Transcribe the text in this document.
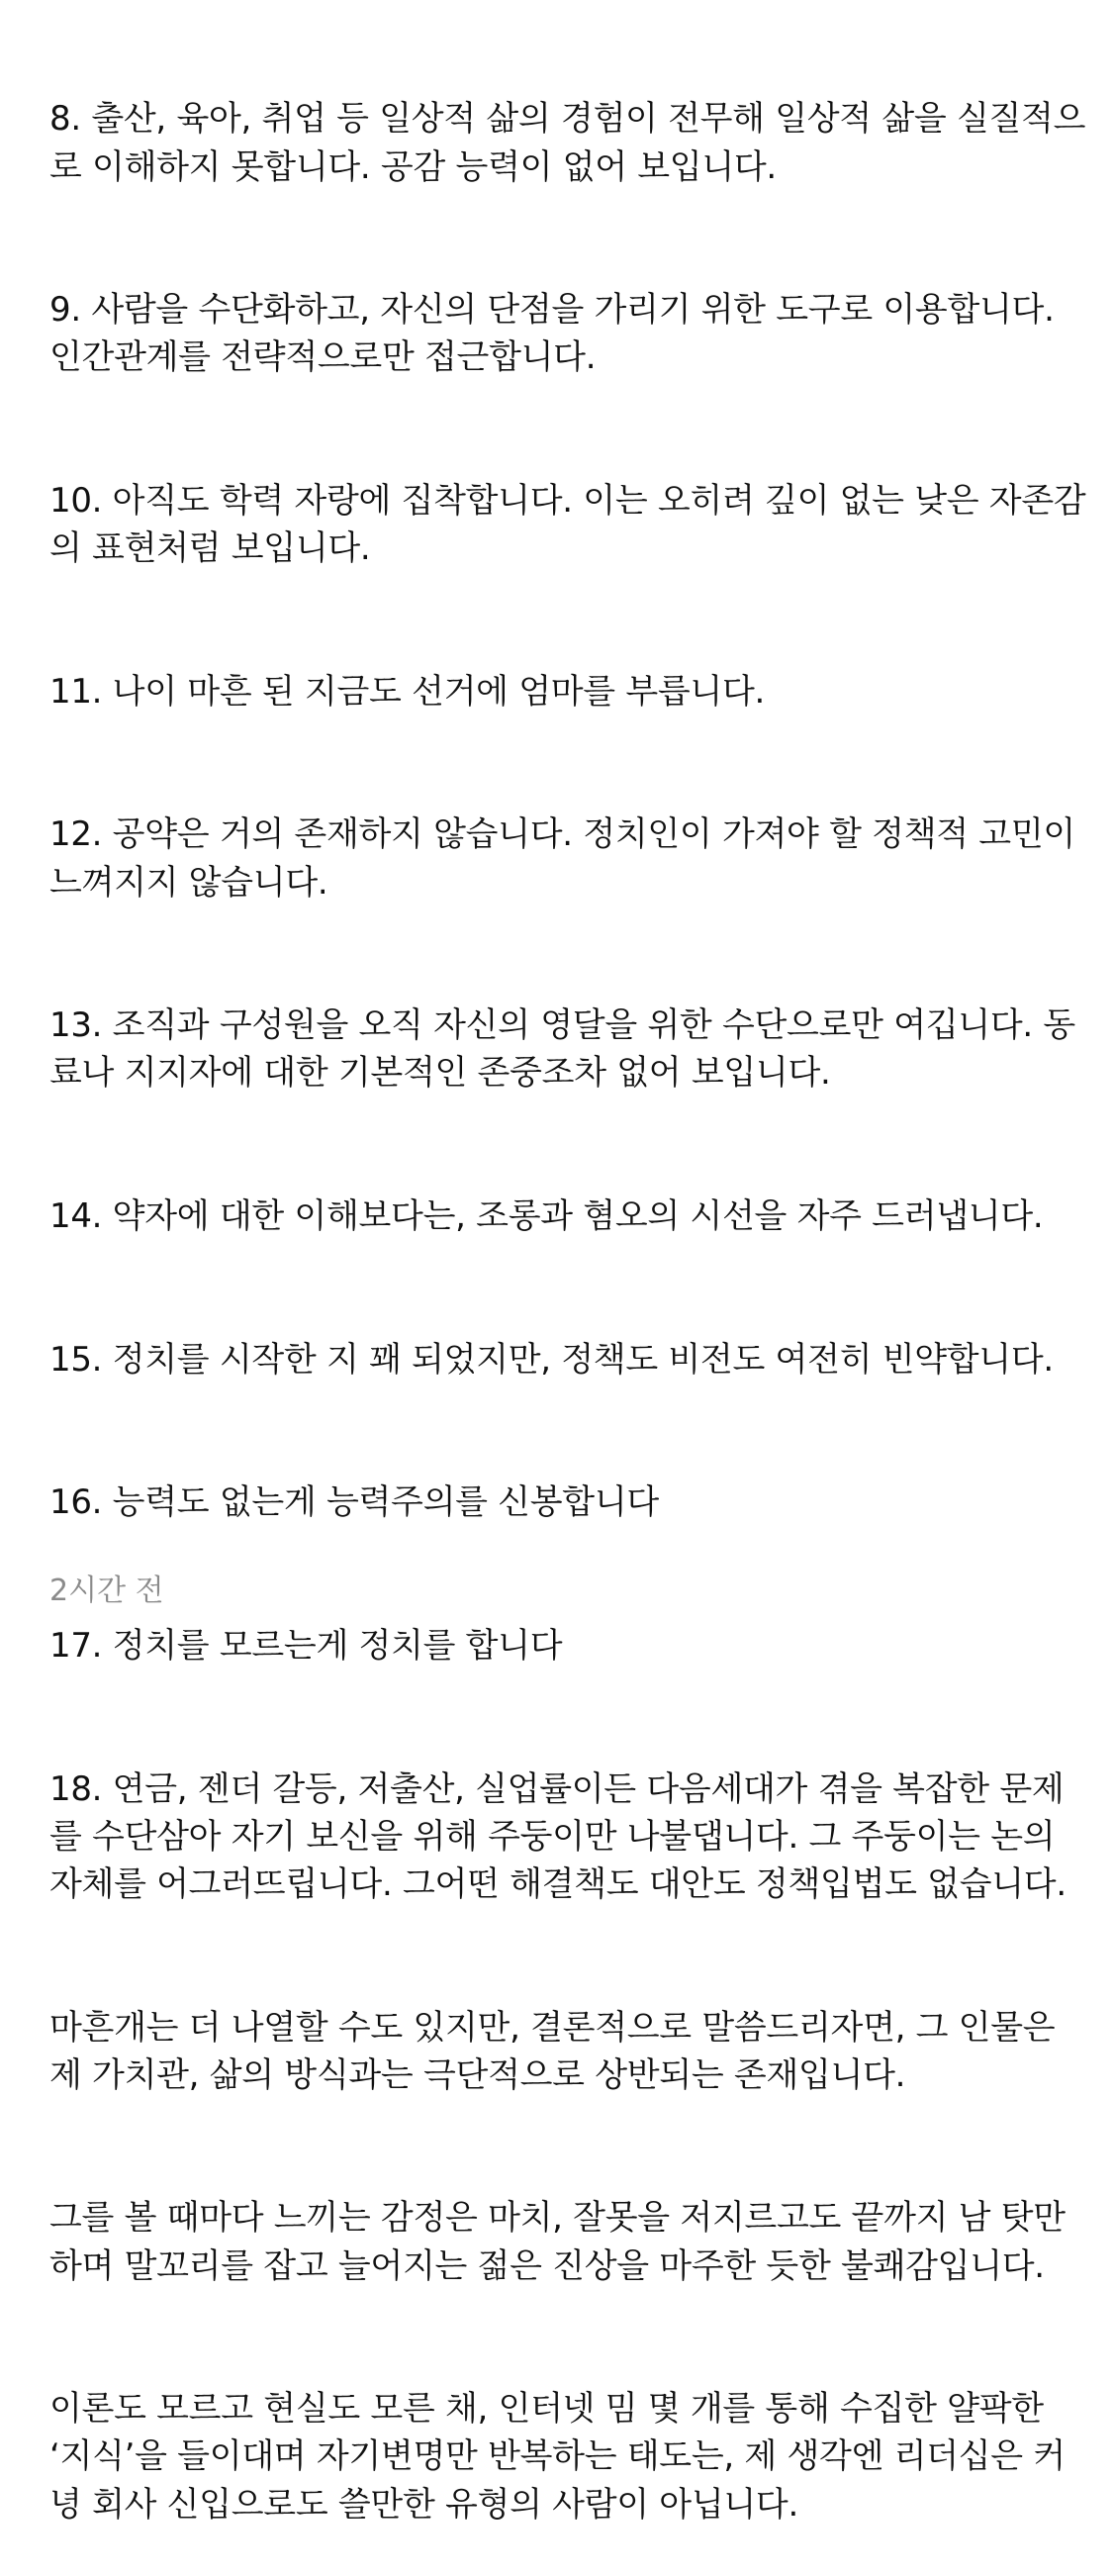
8. 출산, 육아, 취업 등 일상적 삶의 경험이 전무해 일상적 삶을 실질적으로 이해하지 못합니다. 공감 능력이 없어 보입니다.

9. 사람을 수단화하고, 자신의 단점을 가리기 위한 도구로 이용합니다. 인간관계를 전략적으로만 접근합니다.

10. 아직도 학력 자랑에 집착합니다. 이는 오히려 깊이 없는 낮은 자존감의 표현처럼 보입니다.

11. 나이 마흔 된 지금도 선거에 엄마를 부릅니다.

12. 공약은 거의 존재하지 않습니다. 정치인이 가져야 할 정책적 고민이 느껴지지 않습니다.

13. 조직과 구성원을 오직 자신의 영달을 위한 수단으로만 여깁니다. 동료나 지지자에 대한 기본적인 존중조차 없어 보입니다.

14. 약자에 대한 이해보다는, 조롱과 혐오의 시선을 자주 드러냅니다.

15. 정치를 시작한 지 꽤 되었지만, 정책도 비전도 여전히 빈약합니다.

16. 능력도 없는게 능력주의를 신봉합니다

17. 정치를 모르는게 정치를 합니다

18. 연금, 젠더 갈등, 저출산, 실업률이든 다음세대가 겪을 복잡한 문제를 수단삼아 자기 보신을 위해 주둥이만 나불댑니다. 그 주둥이는 논의 자체를 어그러뜨립니다. 그어떤 해결책도 대안도 정책입법도 없습니다.

마흔개는 더 나열할 수도 있지만, 결론적으로 말씀드리자면, 그 인물은 제 가치관, 삶의 방식과는 극단적으로 상반되는 존재입니다.

그를 볼 때마다 느끼는 감정은 마치, 잘못을 저지르고도 끝까지 남 탓만 하며 말꼬리를 잡고 늘어지는 젊은 진상을 마주한 듯한 불쾌감입니다.

이론도 모르고 현실도 모른 채, 인터넷 밈 몇 개를 통해 수집한 얄팍한 ‘지식’을 들이대며 자기변명만 반복하는 태도는, 제 생각엔 리더십은 커녕 회사 신입으로도 쓸만한 유형의 사람이 아닙니다.

2시간 전
